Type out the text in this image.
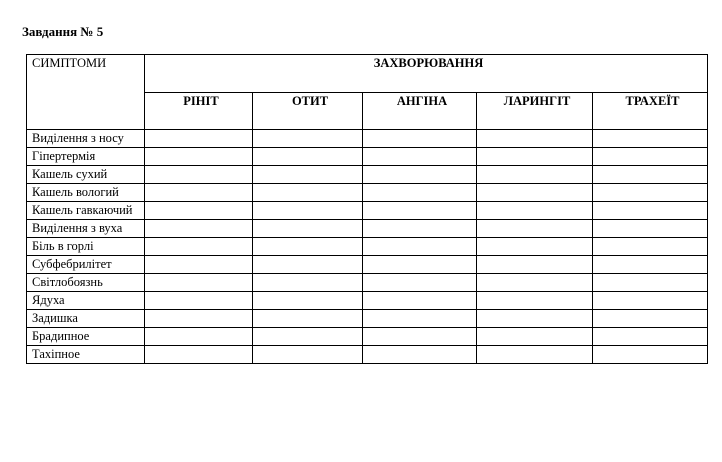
Завдання № 5

СИМПТОМИ	ЗАХВОРЮВАННЯ				
	РІНІТ	ОТИТ	АНГІНА	ЛАРИНГІТ	ТРАХЕЇТ
Виділення з носу					
Гіпертермія					
Кашель сухий					
Кашель вологий					
Кашель гавкаючий					
Виділення з вуха					
Біль в горлі					
Субфебрилітет					
Світлобоязнь					
Ядуха					
Задишка					
Брадипное					
Тахіпное					
